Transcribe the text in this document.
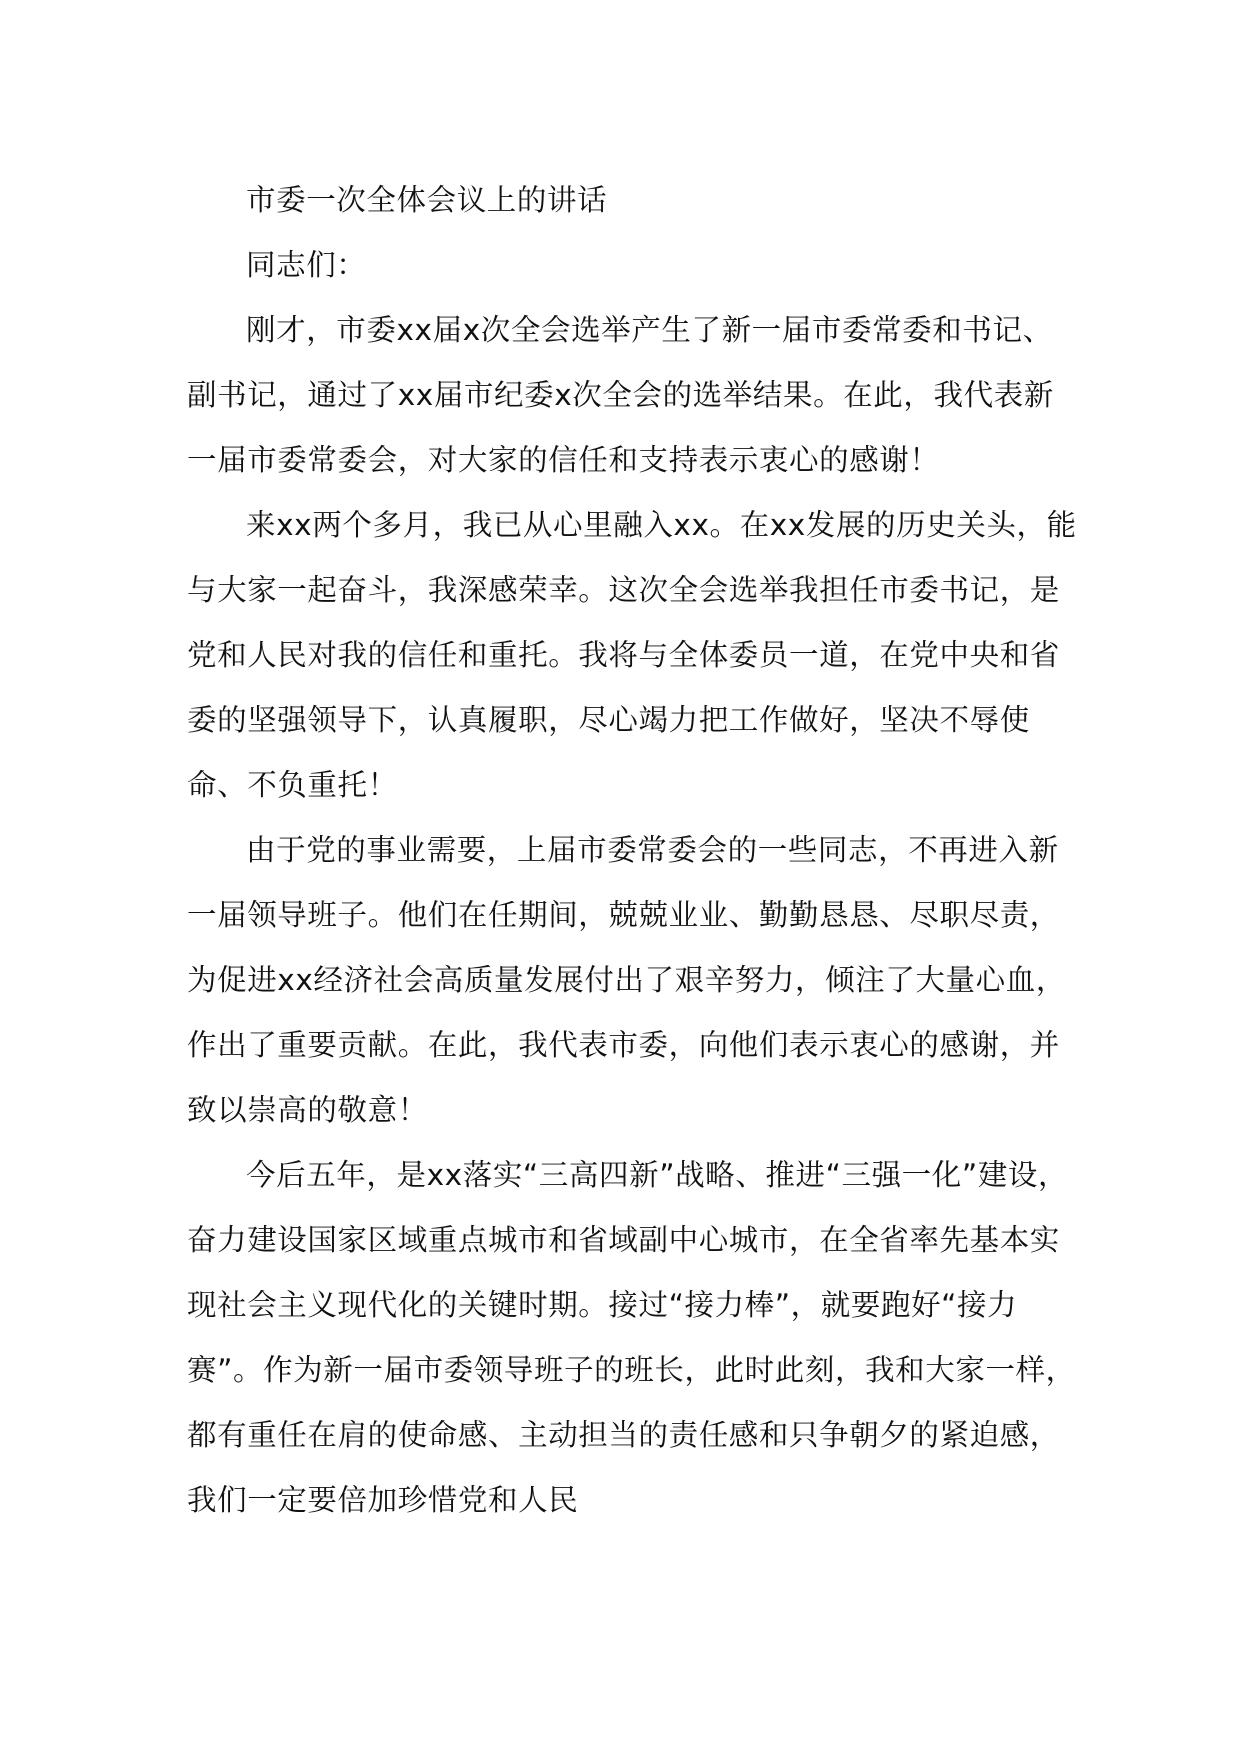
市委一次全体会议上的讲话

同志们：

刚才，市委xx届x次全会选举产生了新一届市委常委和书记、副书记，通过了xx届市纪委x次全会的选举结果。在此，我代表新一届市委常委会，对大家的信任和支持表示衷心的感谢！

来xx两个多月，我已从心里融入xx。在xx发展的历史关头，能与大家一起奋斗，我深感荣幸。这次全会选举我担任市委书记，是党和人民对我的信任和重托。我将与全体委员一道，在党中央和省委的坚强领导下，认真履职，尽心竭力把工作做好，坚决不辱使命、不负重托！

由于党的事业需要，上届市委常委会的一些同志，不再进入新一届领导班子。他们在任期间，兢兢业业、勤勤恳恳、尽职尽责，为促进xx经济社会高质量发展付出了艰辛努力，倾注了大量心血，作出了重要贡献。在此，我代表市委，向他们表示衷心的感谢，并致以崇高的敬意！

今后五年，是xx落实“三高四新”战略、推进“三强一化”建设，奋力建设国家区域重点城市和省域副中心城市，在全省率先基本实现社会主义现代化的关键时期。接过“接力棒”，就要跑好“接力赛”。作为新一届市委领导班子的班长，此时此刻，我和大家一样，都有重任在肩的使命感、主动担当的责任感和只争朝夕的紧迫感，我们一定要倍加珍惜党和人民
